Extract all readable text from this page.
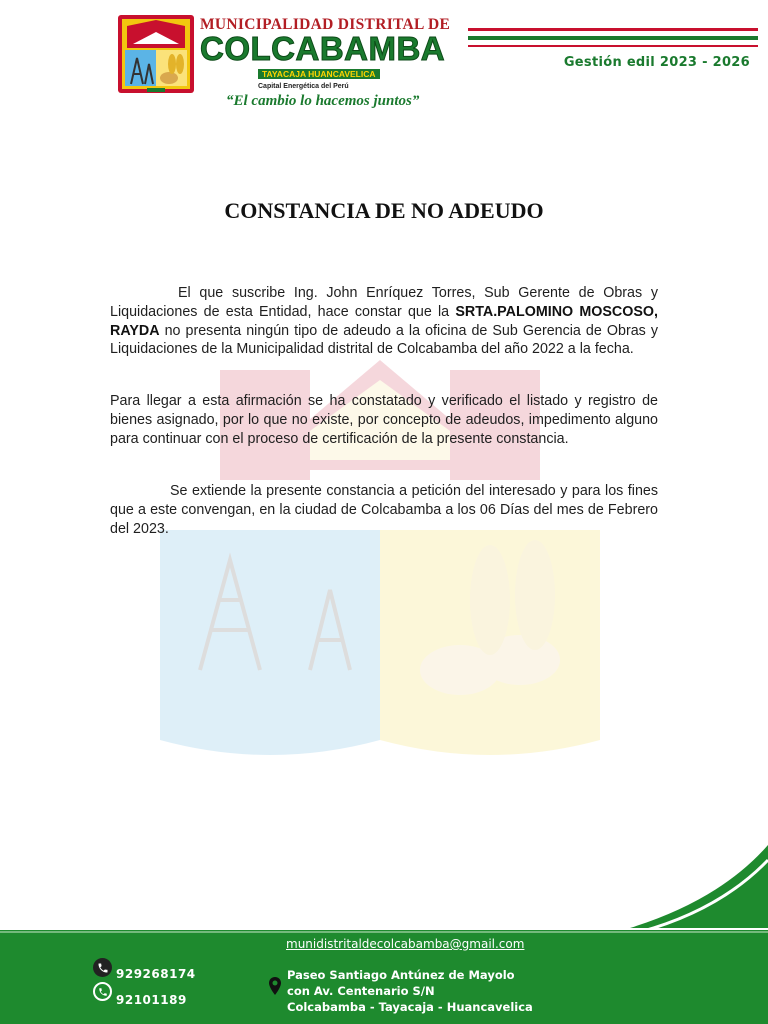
MUNICIPALIDAD DISTRITAL DE
COLCABAMBA
TAYACAJA HUANCAVELICA
Capital Energética del Perú
“El cambio lo hacemos juntos”
Gestión edil 2023 - 2026
CONSTANCIA DE NO ADEUDO
El que suscribe Ing. John Enríquez Torres, Sub Gerente de Obras y Liquidaciones de esta Entidad, hace constar que la SRTA.PALOMINO MOSCOSO, RAYDA no presenta ningún tipo de adeudo a la oficina de Sub Gerencia de Obras y Liquidaciones de la Municipalidad distrital de Colcabamba del año 2022 a la fecha.
Para llegar a esta afirmación se ha constatado y verificado el listado y registro de bienes asignado, por lo que no existe, por concepto de adeudos, impedimento alguno para continuar con el proceso de certificación de la presente constancia.
Se extiende la presente constancia a petición del interesado y para los fines que a este convengan, en la ciudad de Colcabamba a los 06 Días del mes de Febrero del 2023.
munidistritaldecolcabamba@gmail.com
929268174
92101189
Paseo Santiago Antúnez de Mayolo
con Av. Centenario S/N
Colcabamba - Tayacaja - Huancavelica
